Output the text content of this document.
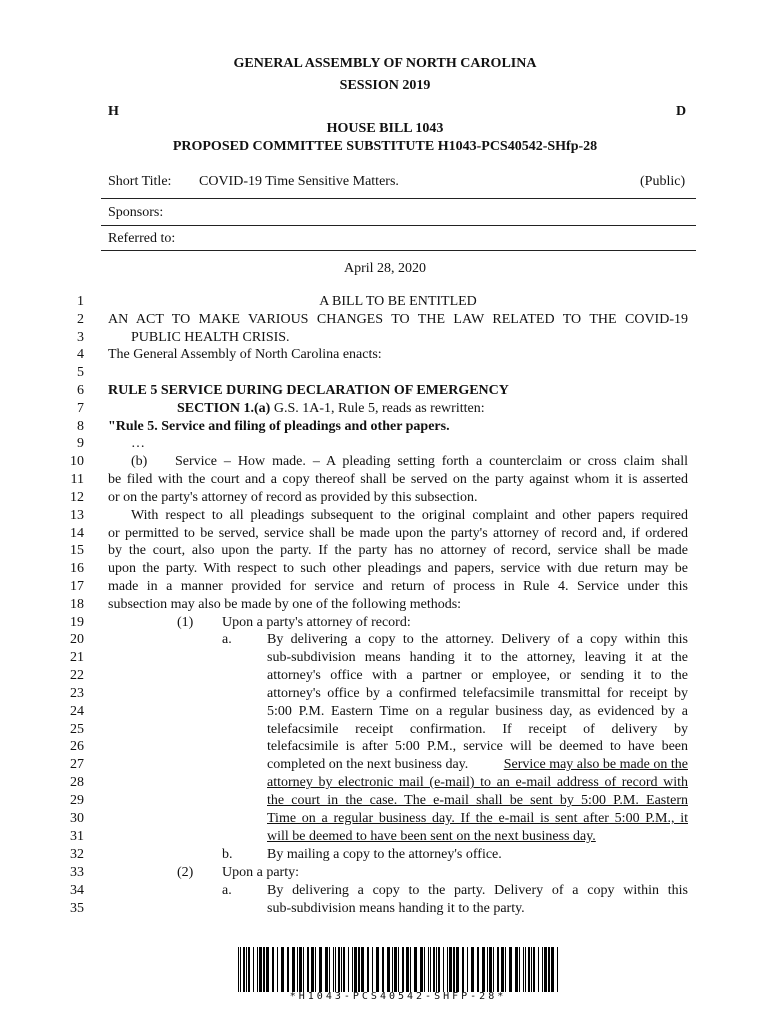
GENERAL ASSEMBLY OF NORTH CAROLINA
SESSION 2019
H	D
HOUSE BILL 1043
PROPOSED COMMITTEE SUBSTITUTE H1043-PCS40542-SHfp-28
Short Title: COVID-19 Time Sensitive Matters.	(Public)
Sponsors:
Referred to:
April 28, 2020
1	A BILL TO BE ENTITLED
2 AN ACT TO MAKE VARIOUS CHANGES TO THE LAW RELATED TO THE COVID-19
3	PUBLIC HEALTH CRISIS.
4 The General Assembly of North Carolina enacts:
5
6 RULE 5 SERVICE DURING DECLARATION OF EMERGENCY
7	SECTION 1.(a) G.S. 1A-1, Rule 5, reads as rewritten:
8 "Rule 5. Service and filing of pleadings and other papers.
9	…
10	(b) Service – How made. – A pleading setting forth a counterclaim or cross claim shall
11 be filed with the court and a copy thereof shall be served on the party against whom it is asserted
12 or on the party's attorney of record as provided by this subsection.
13	With respect to all pleadings subsequent to the original complaint and other papers required
14 or permitted to be served, service shall be made upon the party's attorney of record and, if ordered
15 by the court, also upon the party. If the party has no attorney of record, service shall be made
16 upon the party. With respect to such other pleadings and papers, service with due return may be
17 made in a manner provided for service and return of process in Rule 4. Service under this
18 subsection may also be made by one of the following methods:
19	(1) Upon a party's attorney of record:
20	a.	By delivering a copy to the attorney. Delivery of a copy within this
21	sub-subdivision means handing it to the attorney, leaving it at the
22	attorney's office with a partner or employee, or sending it to the
23	attorney's office by a confirmed telefacsimile transmittal for receipt by
24	5:00 P.M. Eastern Time on a regular business day, as evidenced by a
25	telefacsimile receipt confirmation. If receipt of delivery by
26	telefacsimile is after 5:00 P.M., service will be deemed to have been
27	completed on the next business day.	Service may also be made on the
28	attorney by electronic mail (e-mail) to an e-mail address of record with
29	the court in the case. The e-mail shall be sent by 5:00 P.M. Eastern
30	Time on a regular business day. If the e-mail is sent after 5:00 P.M., it
31	will be deemed to have been sent on the next business day.
32	b. By mailing a copy to the attorney's office.
33	(2) Upon a party:
34	a.	By delivering a copy to the party. Delivery of a copy within this
35	sub-subdivision means handing it to the party.
*H1043-PCS40542-SHFP-28*
